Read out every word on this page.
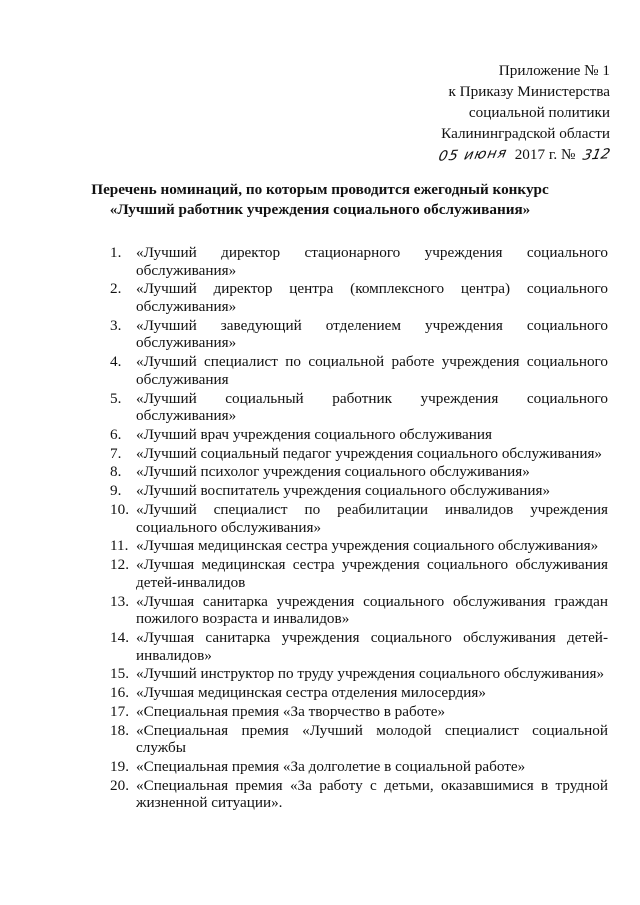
Приложение № 1
к Приказу Министерства
социальной политики
Калининградской области
05 июня 2017 г. № 312
Перечень номинаций, по которым проводится ежегодный конкурс
«Лучший работник учреждения социального обслуживания»
1. «Лучший директор стационарного учреждения социального обслуживания»
2. «Лучший директор центра (комплексного центра) социального обслуживания»
3. «Лучший заведующий отделением учреждения социального обслуживания»
4. «Лучший специалист по социальной работе учреждения социального обслуживания
5. «Лучший социальный работник учреждения социального обслуживания»
6. «Лучший врач учреждения социального обслуживания
7. «Лучший социальный педагог учреждения социального обслуживания»
8. «Лучший психолог учреждения социального обслуживания»
9. «Лучший воспитатель учреждения социального обслуживания»
10. «Лучший специалист по реабилитации инвалидов учреждения социального обслуживания»
11. «Лучшая медицинская сестра учреждения социального обслуживания»
12. «Лучшая медицинская сестра учреждения социального обслуживания детей-инвалидов
13. «Лучшая санитарка учреждения социального обслуживания граждан пожилого возраста и инвалидов»
14. «Лучшая санитарка учреждения социального обслуживания детей-инвалидов»
15. «Лучший инструктор по труду учреждения социального обслуживания»
16. «Лучшая медицинская сестра отделения милосердия»
17. «Специальная премия «За творчество в работе»
18. «Специальная премия «Лучший молодой специалист социальной службы
19. «Специальная премия «За долголетие в социальной работе»
20. «Специальная премия «За работу с детьми, оказавшимися в трудной жизненной ситуации».
